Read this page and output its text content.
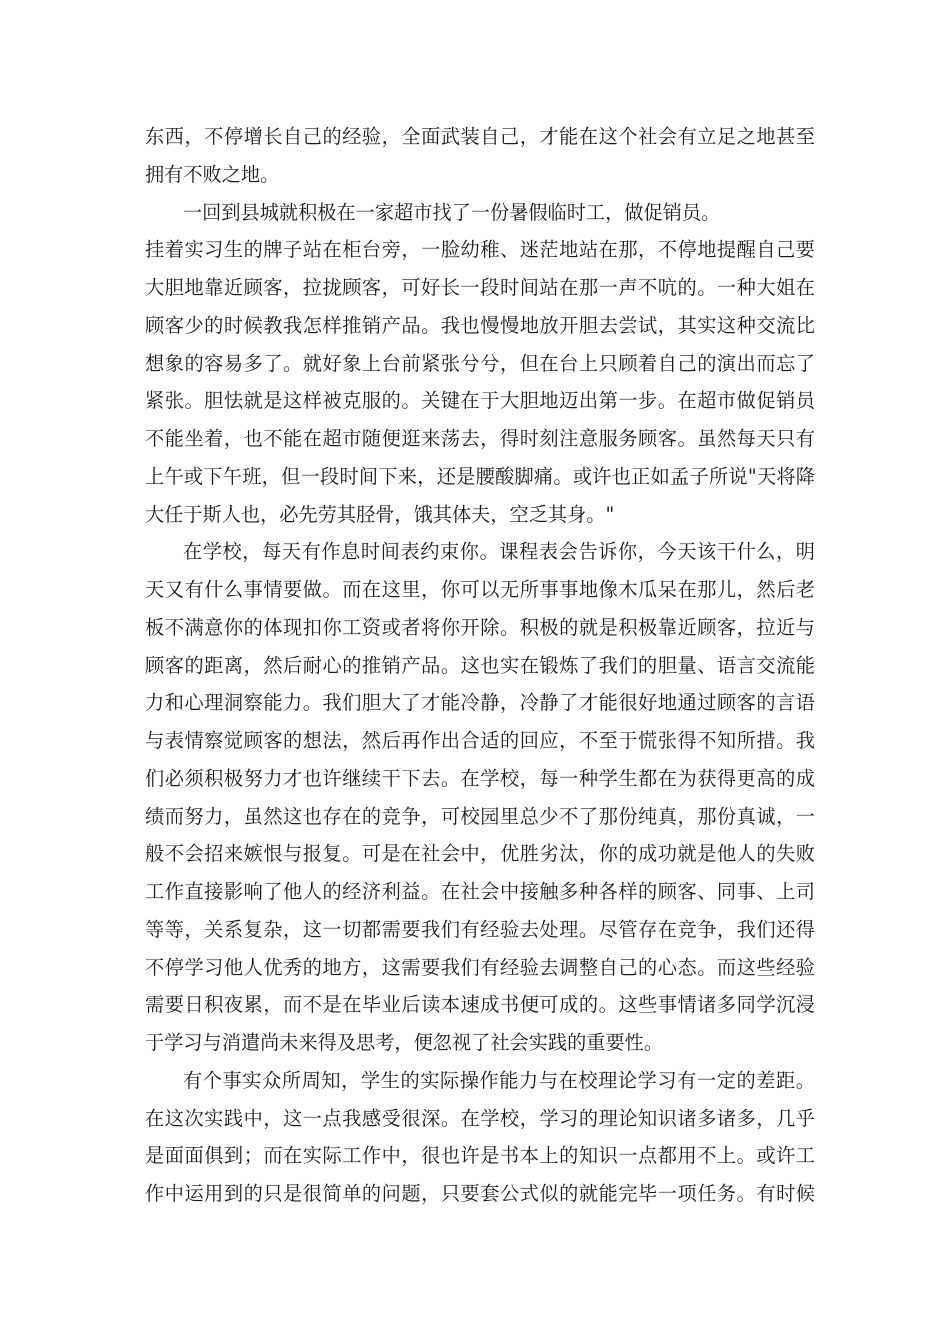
东西，不停增长自己的经验，全面武装自己，才能在这个社会有立足之地甚至
拥有不败之地。
一回到县城就积极在一家超市找了一份暑假临时工，做促销员。
挂着实习生的牌子站在柜台旁，一脸幼稚、迷茫地站在那，不停地提醒自己要
大胆地靠近顾客，拉拢顾客，可好长一段时间站在那一声不吭的。一种大姐在
顾客少的时候教我怎样推销产品。我也慢慢地放开胆去尝试，其实这种交流比
想象的容易多了。就好象上台前紧张兮兮，但在台上只顾着自己的演出而忘了
紧张。胆怯就是这样被克服的。关键在于大胆地迈出第一步。在超市做促销员
不能坐着，也不能在超市随便逛来荡去，得时刻注意服务顾客。虽然每天只有
上午或下午班，但一段时间下来，还是腰酸脚痛。或许也正如孟子所说"天将降
大任于斯人也，必先劳其胫骨，饿其体夫，空乏其身。"
在学校，每天有作息时间表约束你。课程表会告诉你，今天该干什么，明
天又有什么事情要做。而在这里，你可以无所事事地像木瓜呆在那儿，然后老
板不满意你的体现扣你工资或者将你开除。积极的就是积极靠近顾客，拉近与
顾客的距离，然后耐心的推销产品。这也实在锻炼了我们的胆量、语言交流能
力和心理洞察能力。我们胆大了才能冷静，冷静了才能很好地通过顾客的言语
与表情察觉顾客的想法，然后再作出合适的回应，不至于慌张得不知所措。我
们必须积极努力才也许继续干下去。在学校，每一种学生都在为获得更高的成
绩而努力，虽然这也存在的竞争，可校园里总少不了那份纯真，那份真诚，一
般不会招来嫉恨与报复。可是在社会中，优胜劣汰，你的成功就是他人的失败
工作直接影响了他人的经济利益。在社会中接触多种各样的顾客、同事、上司
等等，关系复杂，这一切都需要我们有经验去处理。尽管存在竞争，我们还得
不停学习他人优秀的地方，这需要我们有经验去调整自己的心态。而这些经验
需要日积夜累，而不是在毕业后读本速成书便可成的。这些事情诸多同学沉浸
于学习与消遣尚未来得及思考，便忽视了社会实践的重要性。
有个事实众所周知，学生的实际操作能力与在校理论学习有一定的差距。
在这次实践中，这一点我感受很深。在学校，学习的理论知识诸多诸多，几乎
是面面俱到；而在实际工作中，很也许是书本上的知识一点都用不上。或许工
作中运用到的只是很简单的问题，只要套公式似的就能完毕一项任务。有时候
